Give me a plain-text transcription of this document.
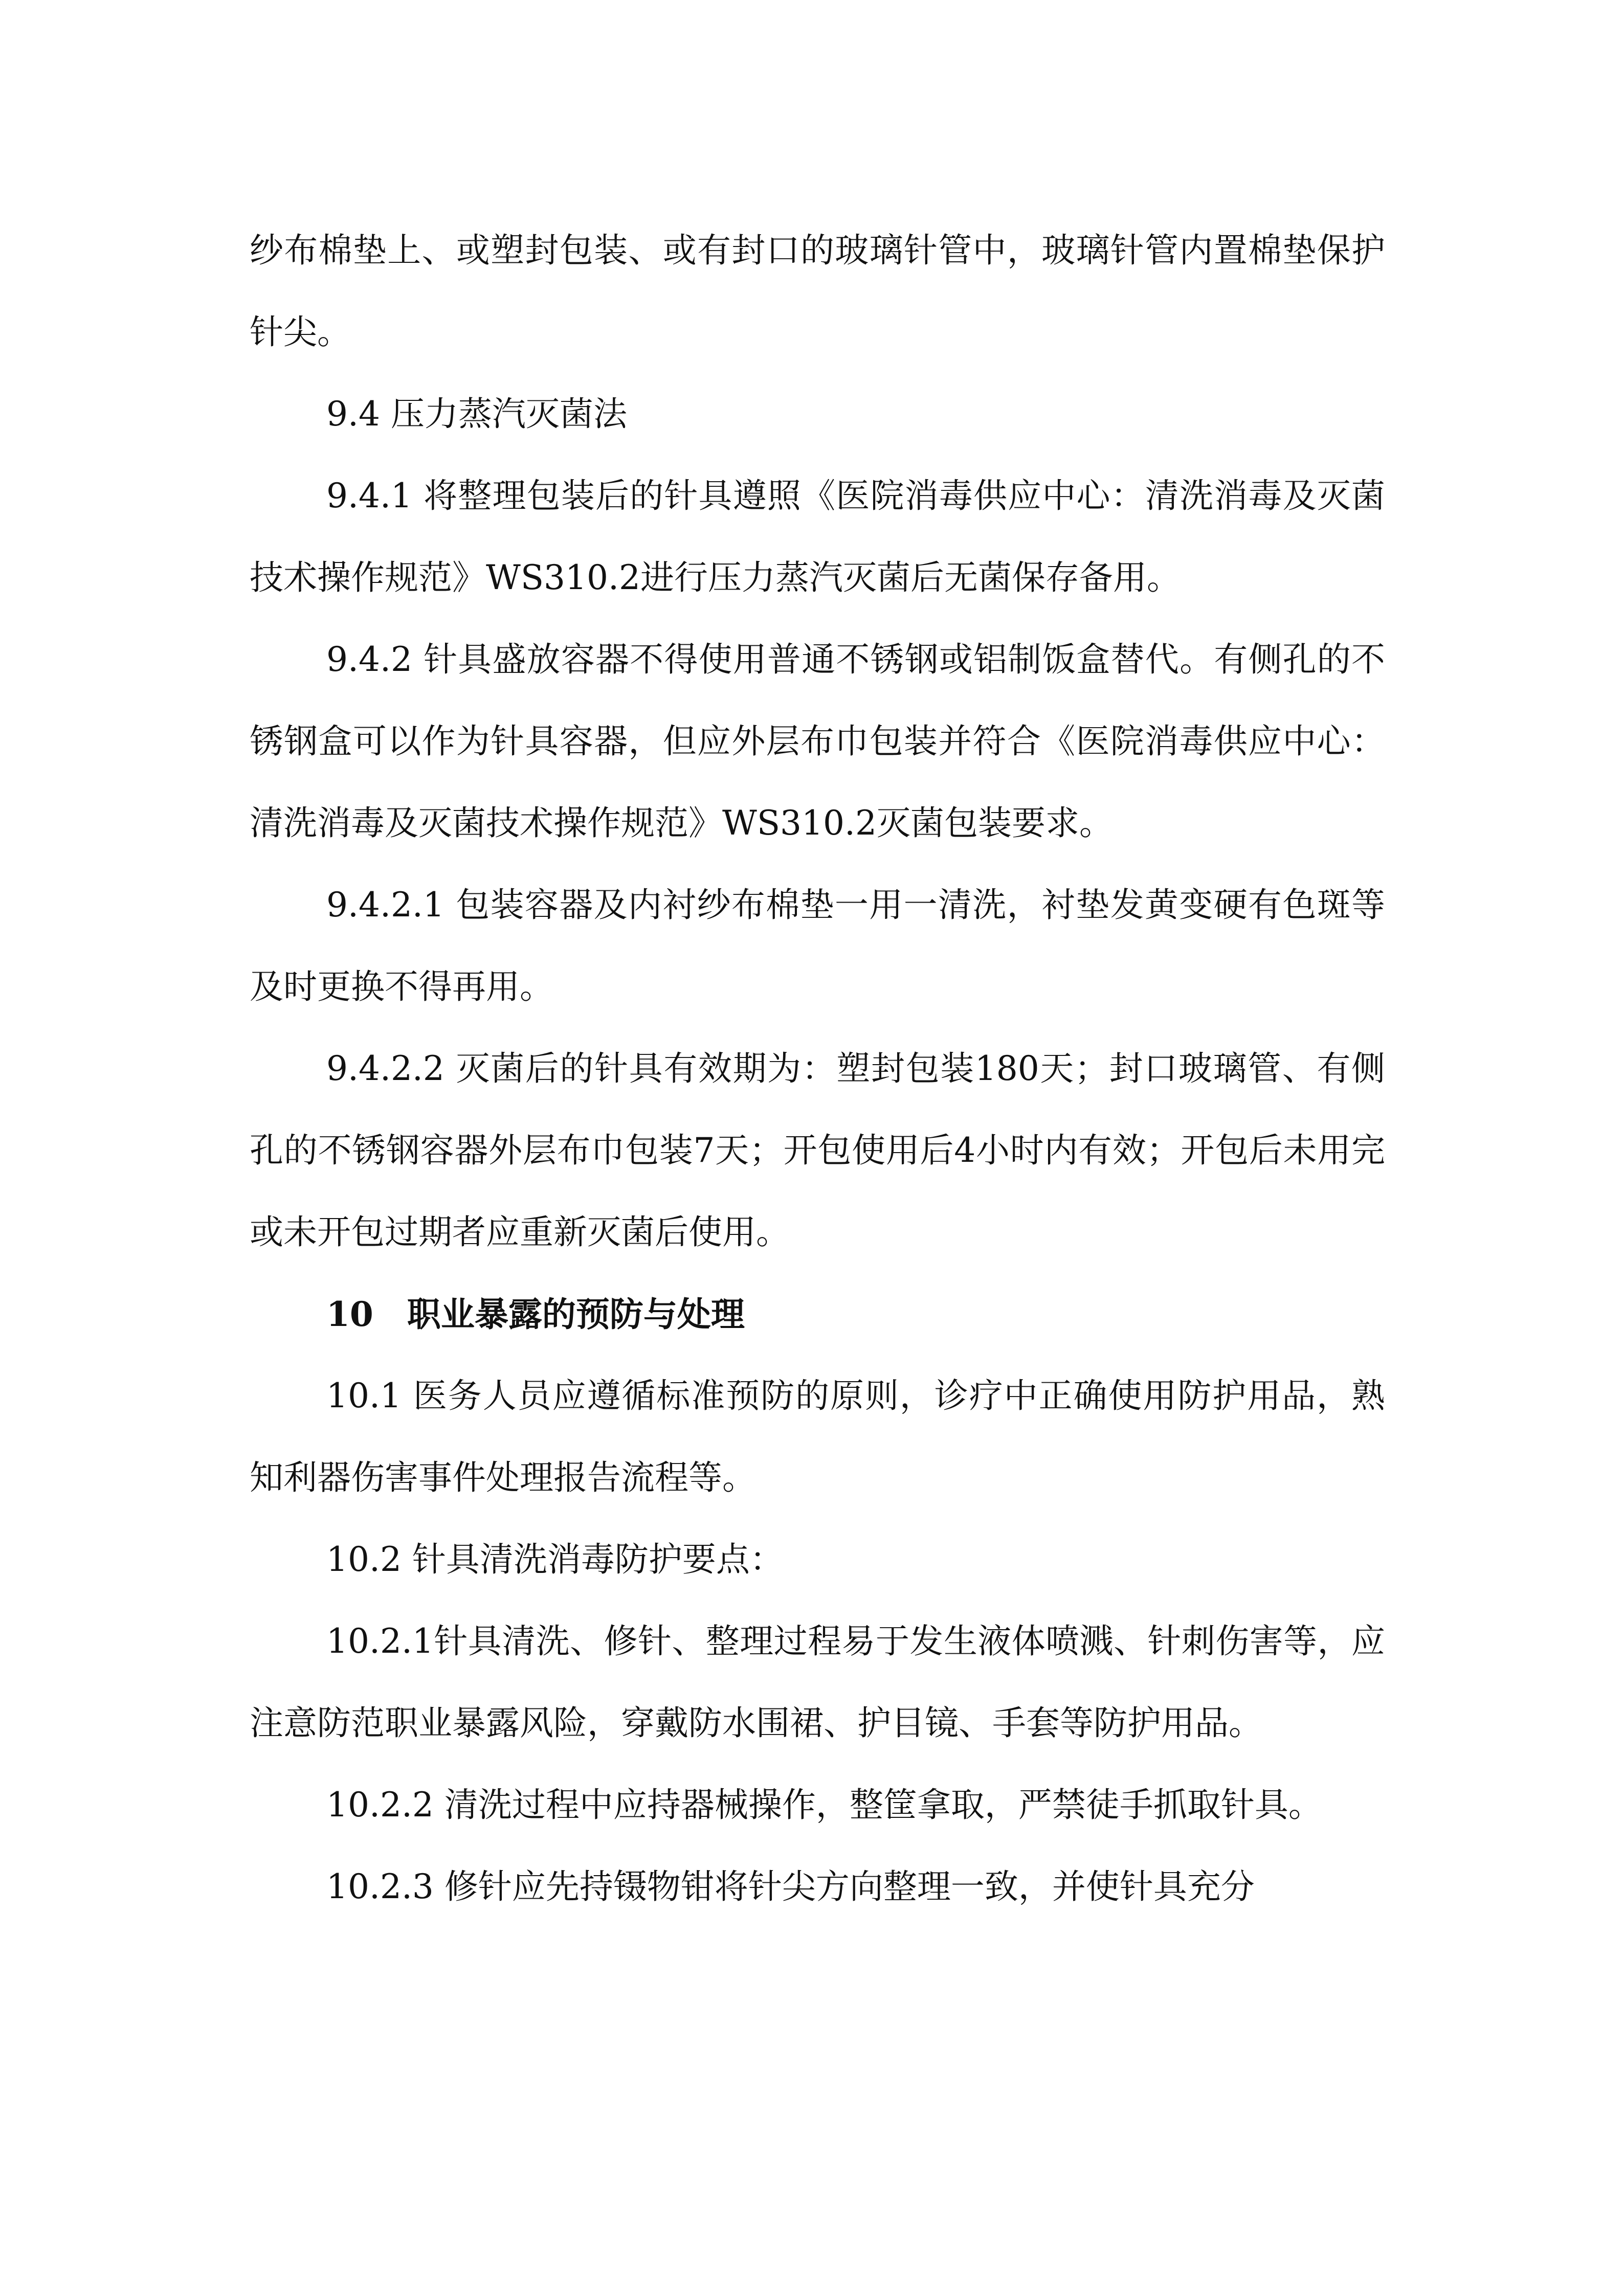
纱布棉垫上、或塑封包装、或有封口的玻璃针管中，玻璃针管内置棉垫保护针尖。

9.4 压力蒸汽灭菌法

9.4.1 将整理包装后的针具遵照《医院消毒供应中心：清洗消毒及灭菌技术操作规范》WS310.2进行压力蒸汽灭菌后无菌保存备用。

9.4.2 针具盛放容器不得使用普通不锈钢或铝制饭盒替代。有侧孔的不锈钢盒可以作为针具容器，但应外层布巾包装并符合《医院消毒供应中心：清洗消毒及灭菌技术操作规范》WS310.2灭菌包装要求。

9.4.2.1 包装容器及内衬纱布棉垫一用一清洗，衬垫发黄变硬有色斑等及时更换不得再用。

9.4.2.2 灭菌后的针具有效期为：塑封包装180天；封口玻璃管、有侧孔的不锈钢容器外层布巾包装7天；开包使用后4小时内有效；开包后未用完或未开包过期者应重新灭菌后使用。

10　职业暴露的预防与处理

10.1 医务人员应遵循标准预防的原则，诊疗中正确使用防护用品，熟知利器伤害事件处理报告流程等。

10.2 针具清洗消毒防护要点：

10.2.1针具清洗、修针、整理过程易于发生液体喷溅、针刺伤害等，应注意防范职业暴露风险，穿戴防水围裙、护目镜、手套等防护用品。

10.2.2 清洗过程中应持器械操作，整筐拿取，严禁徒手抓取针具。

10.2.3 修针应先持镊物钳将针尖方向整理一致，并使针具充分
